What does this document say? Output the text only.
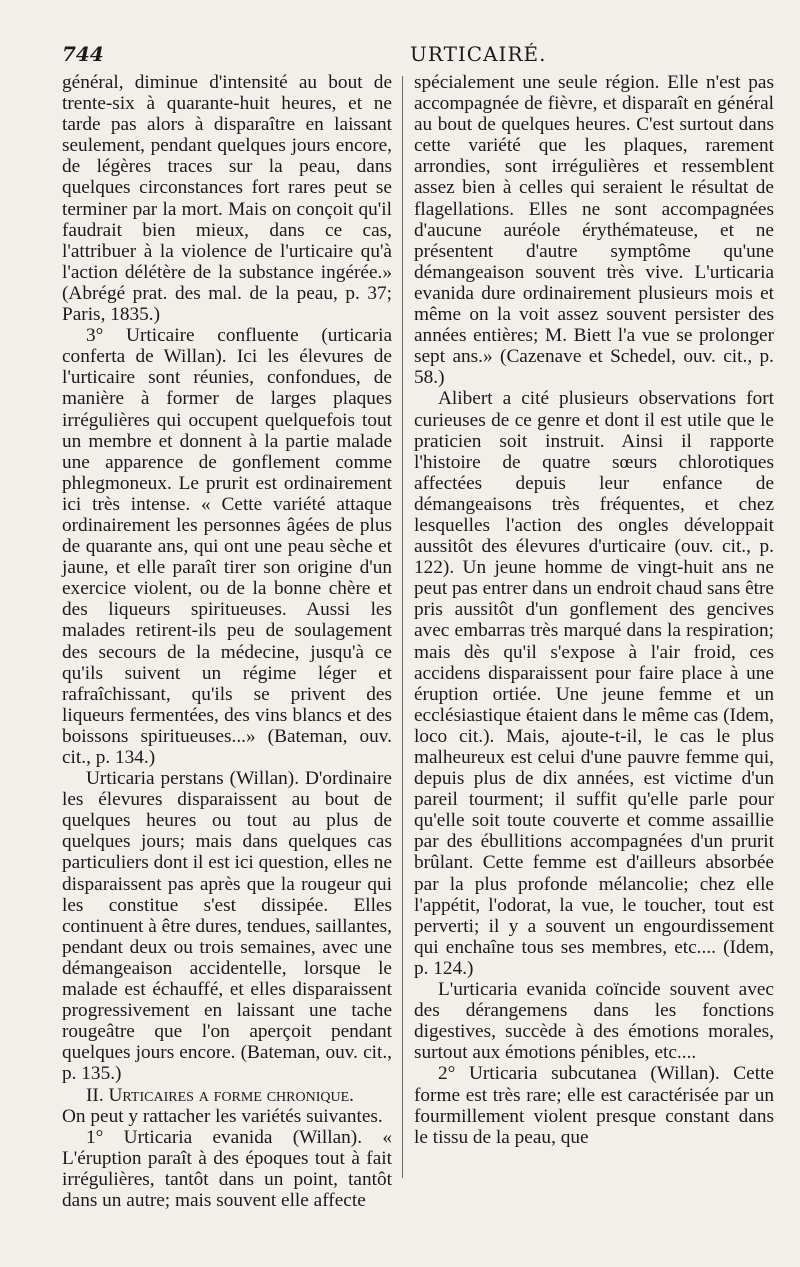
744	URTICAIRÉ.

général, diminue d'intensité au bout de trente-six à quarante-huit heures, et ne tarde pas alors à disparaître en laissant seulement, pendant quelques jours encore, de légères traces sur la peau, dans quelques circonstances fort rares peut se terminer par la mort. Mais on conçoit qu'il faudrait bien mieux, dans ce cas, l'attribuer à la violence de l'urticaire qu'à l'action délétère de la substance ingérée.» (Abrégé prat. des mal. de la peau, p. 37; Paris, 1835.)

3° Urticaire confluente (urticaria conferta de Willan). Ici les élevures de l'urticaire sont réunies, confondues, de manière à former de larges plaques irrégulières qui occupent quelquefois tout un membre et donnent à la partie malade une apparence de gonflement comme phlegmoneux. Le prurit est ordinairement ici très intense. « Cette variété attaque ordinairement les personnes âgées de plus de quarante ans, qui ont une peau sèche et jaune, et elle paraît tirer son origine d'un exercice violent, ou de la bonne chère et des liqueurs spiritueuses. Aussi les malades retirent-ils peu de soulagement des secours de la médecine, jusqu'à ce qu'ils suivent un régime léger et rafraîchissant, qu'ils se privent des liqueurs fermentées, des vins blancs et des boissons spiritueuses...» (Bateman, ouv. cit., p. 134.)

Urticaria perstans (Willan). D'ordinaire les élevures disparaissent au bout de quelques heures ou tout au plus de quelques jours; mais dans quelques cas particuliers dont il est ici question, elles ne disparaissent pas après que la rougeur qui les constitue s'est dissipée. Elles continuent à être dures, tendues, saillantes, pendant deux ou trois semaines, avec une démangeaison accidentelle, lorsque le malade est échauffé, et elles disparaissent progressivement en laissant une tache rougeâtre que l'on aperçoit pendant quelques jours encore. (Bateman, ouv. cit., p. 135.)

II. Urticaires a forme chronique.

On peut y rattacher les variétés suivantes.

1° Urticaria evanida (Willan). « L'éruption paraît à des époques tout à fait irrégulières, tantôt dans un point, tantôt dans un autre; mais souvent elle affecte

spécialement une seule région. Elle n'est pas accompagnée de fièvre, et disparaît en général au bout de quelques heures. C'est surtout dans cette variété que les plaques, rarement arrondies, sont irrégulières et ressemblent assez bien à celles qui seraient le résultat de flagellations. Elles ne sont accompagnées d'aucune auréole érythémateuse, et ne présentent d'autre symptôme qu'une démangeaison souvent très vive. L'urticaria evanida dure ordinairement plusieurs mois et même on la voit assez souvent persister des années entières; M. Biett l'a vue se prolonger sept ans.» (Cazenave et Schedel, ouv. cit., p. 58.)

Alibert a cité plusieurs observations fort curieuses de ce genre et dont il est utile que le praticien soit instruit. Ainsi il rapporte l'histoire de quatre sœurs chlorotiques affectées depuis leur enfance de démangeaisons très fréquentes, et chez lesquelles l'action des ongles développait aussitôt des élevures d'urticaire (ouv. cit., p. 122). Un jeune homme de vingt-huit ans ne peut pas entrer dans un endroit chaud sans être pris aussitôt d'un gonflement des gencives avec embarras très marqué dans la respiration; mais dès qu'il s'expose à l'air froid, ces accidens disparaissent pour faire place à une éruption ortiée. Une jeune femme et un ecclésiastique étaient dans le même cas (Idem, loco cit.). Mais, ajoute-t-il, le cas le plus malheureux est celui d'une pauvre femme qui, depuis plus de dix années, est victime d'un pareil tourment; il suffit qu'elle parle pour qu'elle soit toute couverte et comme assaillie par des ébullitions accompagnées d'un prurit brûlant. Cette femme est d'ailleurs absorbée par la plus profonde mélancolie; chez elle l'appétit, l'odorat, la vue, le toucher, tout est perverti; il y a souvent un engourdissement qui enchaîne tous ses membres, etc.... (Idem, p. 124.)

L'urticaria evanida coïncide souvent avec des dérangemens dans les fonctions digestives, succède à des émotions morales, surtout aux émotions pénibles, etc....

2° Urticaria subcutanea (Willan). Cette forme est très rare; elle est caractérisée par un fourmillement violent presque constant dans le tissu de la peau, que
